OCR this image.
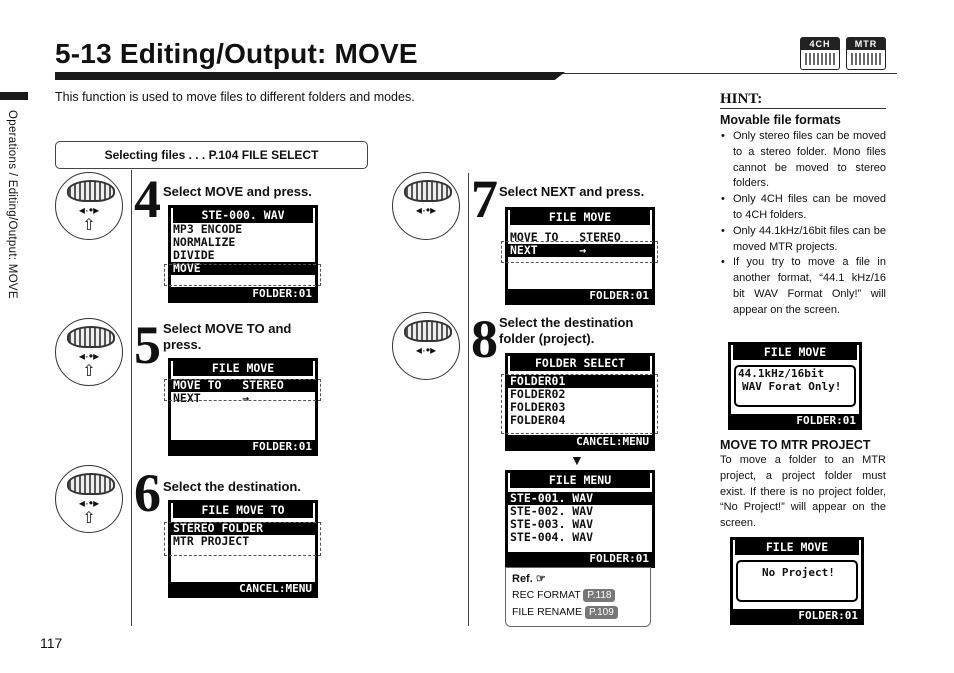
5-13 Editing/Output: MOVE	4CH	MTR
Operations / Editing/Output: MOVE
This function is used to move files to different folders and modes.
Selecting files . . . P.104 FILE SELECT
◂·•▸
⇧ 4 Select MOVE and press.
STE-000. WAV
MP3 ENCODE
NORMALIZE
DIVIDE
MOVE
FOLDER:01
◂·•▸
⇧ 5 Select MOVE TO and press.
FILE MOVE
MOVE TO   STEREO
NEXT      →
FOLDER:01
◂·•▸
⇧ 6 Select the destination.
FILE MOVE TO
STEREO FOLDER
MTR PROJECT
CANCEL:MENU
◂·•▸ 7 Select NEXT and press.
FILE MOVE
MOVE TO   STEREO
NEXT      →
FOLDER:01
◂·•▸ 8 Select the destination folder (project).
FOLDER SELECT
FOLDER01
FOLDER02
FOLDER03
FOLDER04
CANCEL:MENU
▼
FILE MENU
STE-001. WAV
STE-002. WAV
STE-003. WAV
STE-004. WAV
FOLDER:01
Ref. ☞
REC FORMAT P.118
FILE RENAME P.109
HINT:
Movable file formats
• Only stereo files can be moved to a stereo folder. Mono files cannot be moved to stereo folders.
• Only 4CH files can be moved to 4CH folders.
• Only 44.1kHz/16bit files can be moved MTR projects.
• If you try to move a file in another format, “44.1 kHz/16 bit WAV Format Only!” will appear on the screen.
FILE MOVE
44.1kHz/16bit
WAV Forat Only!
FOLDER:01
MOVE TO MTR PROJECT
To move a folder to an MTR project, a project folder must exist. If there is no project folder, “No Project!” will appear on the screen.
FILE MOVE
No Project!
FOLDER:01
117
